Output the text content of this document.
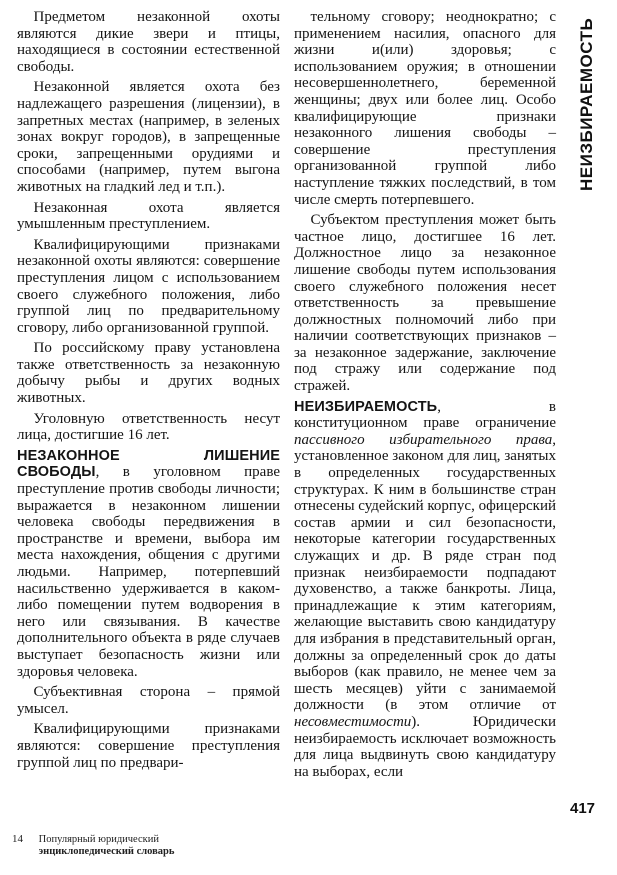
Предметом незаконной охоты являются дикие звери и птицы, находящиеся в состоянии естественной свободы.

Незаконной является охота без надлежащего разрешения (лицензии), в запретных местах (например, в зеленых зонах вокруг городов), в запрещенные сроки, запрещенными орудиями и способами (например, путем выгона животных на гладкий лед и т.п.).

Незаконная охота является умышленным преступлением.

Квалифицирующими признаками незаконной охоты являются: совершение преступления лицом с использованием своего служебного положения, либо группой лиц по предварительному сговору, либо организованной группой.

По российскому праву установлена также ответственность за незаконную добычу рыбы и других водных животных.

Уголовную ответственность несут лица, достигшие 16 лет.

НЕЗАКОННОЕ ЛИШЕНИЕ СВОБОДЫ, в уголовном праве преступление против свободы личности; выражается в незаконном лишении человека свободы передвижения в пространстве и времени, выбора им места нахождения, общения с другими людьми. Например, потерпевший насильственно удерживается в каком-либо помещении путем водворения в него или связывания. В качестве дополнительного объекта в ряде случаев выступает безопасность жизни или здоровья человека.

Субъективная сторона – прямой умысел.

Квалифицирующими признаками являются: совершение преступления группой лиц по предвари-

тельному сговору; неоднократно; с применением насилия, опасного для жизни и(или) здоровья; с использованием оружия; в отношении несовершеннолетнего, беременной женщины; двух или более лиц. Особо квалифицирующие признаки незаконного лишения свободы – совершение преступления организованной группой либо наступление тяжких последствий, в том числе смерть потерпевшего.

Субъектом преступления может быть частное лицо, достигшее 16 лет. Должностное лицо за незаконное лишение свободы путем использования своего служебного положения несет ответственность за превышение должностных полномочий либо при наличии соответствующих признаков – за незаконное задержание, заключение под стражу или содержание под стражей.

НЕИЗБИРАЕМОСТЬ, в конституционном праве ограничение пассивного избирательного права, установленное законом для лиц, занятых в определенных государственных структурах. К ним в большинстве стран отнесены судейский корпус, офицерский состав армии и сил безопасности, некоторые категории государственных служащих и др. В ряде стран под признак неизбираемости подпадают духовенство, а также банкроты. Лица, принадлежащие к этим категориям, желающие выставить свою кандидатуру для избрания в представительный орган, должны за определенный срок до даты выборов (как правило, не менее чем за шесть месяцев) уйти с занимаемой должности (в этом отличие от несовместимости). Юридически неизбираемость исключает возможность для лица выдвинуть свою кандидатуру на выборах, если

НЕИЗБИРАЕМОСТЬ
417
14 Популярный юридический
энциклопедический словарь
